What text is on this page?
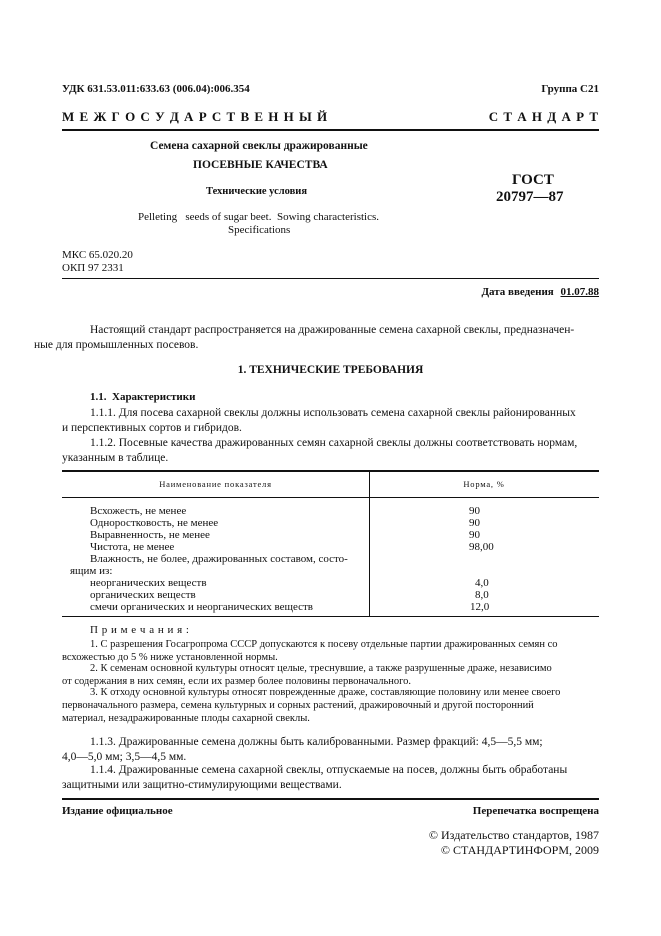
УДК 631.53.011:633.63 (006.04):006.354	Группа С21
М Е Ж Г О С У Д А Р С Т В Е Н Н Ы Й	С Т А Н Д А Р Т
Семена сахарной свеклы дражированные
ПОСЕВНЫЕ КАЧЕСТВА
Технические условия
Pelleting   seeds of sugar beet.  Sowing characteristics.
Specifications
ГОСТ
20797—87
МКС 65.020.20
ОКП 97 2331
Дата введения 01.07.88
Настоящий стандарт распространяется на дражированные семена сахарной свеклы, предназначен-
ные для промышленных посевов.
1. ТЕХНИЧЕСКИЕ ТРЕБОВАНИЯ
1.1.  Характеристики
1.1.1. Для посева сахарной свеклы должны использовать семена сахарной свеклы районированных
и перспективных сортов и гибридов.
1.1.2. Посевные качества дражированных семян сахарной свеклы должны соответствовать нормам,
указанным в таблице.
Наименование показателя	Норма, %
Всхожесть, не менее	90
Одноростковость, не менее	90
Выравненность, не менее	90
Чистота, не менее	98,00
Влажность, не более, дражированных составом, состо-
ящим из:
неорганических веществ	4,0
органических веществ	8,0
смечи органических и неорганических веществ	12,0
П р и м е ч а н и я :
1. С разрешения Госагропрома СССР допускаются к посеву отдельные партии дражированных семян со
всхожестью до 5 % ниже установленной нормы.
2. К семенам основной культуры относят целые, треснувшие, а также разрушенные драже, независимо
от содержания в них семян, если их размер более половины первоначального.
3. К отходу основной культуры относят поврежденные драже, составляющие половину или менее своего
первоначального размера, семена культурных и сорных растений, дражировочный и другой посторонний
материал, незадражированные плоды сахарной свеклы.
1.1.3. Дражированные семена должны быть калиброванными. Размер фракций: 4,5—5,5 мм;
4,0—5,0 мм; 3,5—4,5 мм.
1.1.4. Дражированные семена сахарной свеклы, отпускаемые на посев, должны быть обработаны
защитными или защитно-стимулирующими веществами.
Издание официальное	Перепечатка воспрещена
© Издательство стандартов, 1987
© СТАНДАРТИНФОРМ, 2009
